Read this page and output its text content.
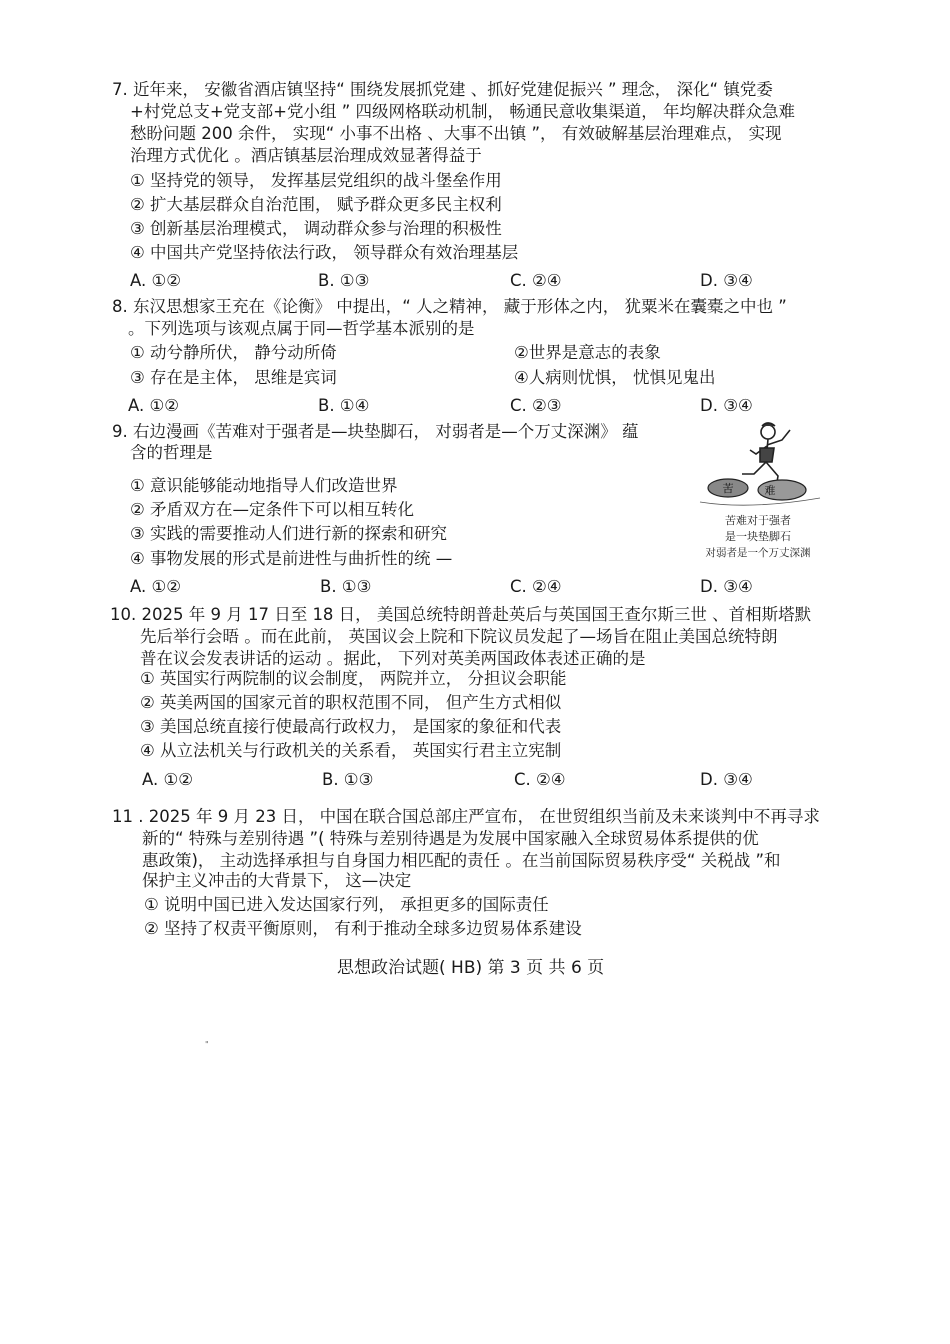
7. 近年来， 安徽省酒店镇坚持“ 围绕发展抓党建 、抓好党建促振兴 ” 理念， 深化“ 镇党委
+村党总支+党支部+党小组 ” 四级网格联动机制， 畅通民意收集渠道， 年均解决群众急难
愁盼问题 200 余件， 实现“ 小事不出格 、大事不出镇 ”， 有效破解基层治理难点， 实现
治理方式优化 。酒店镇基层治理成效显著得益于
① 坚持党的领导， 发挥基层党组织的战斗堡垒作用
② 扩大基层群众自治范围， 赋予群众更多民主权利
③ 创新基层治理模式， 调动群众参与治理的积极性
④ 中国共产党坚持依法行政， 领导群众有效治理基层
A. ①②	B. ①③	C. ②④	D. ③④
8. 东汉思想家王充在《论衡》 中提出，“ 人之精神， 藏于形体之内， 犹粟米在囊橐之中也 ”
。下列选项与该观点属于同—哲学基本派别的是
① 动兮静所伏， 静兮动所倚	②世界是意志的表象
③ 存在是主体， 思维是宾词	④人病则忧惧， 忧惧见鬼出
A. ①②	B. ①④	C. ②③	D. ③④
9. 右边漫画《苦难对于强者是—块垫脚石， 对弱者是—个万丈深渊》 蕴
含的哲理是
① 意识能够能动地指导人们改造世界
② 矛盾双方在—定条件下可以相互转化
③ 实践的需要推动人们进行新的探索和研究
④ 事物发展的形式是前进性与曲折性的统 —
A. ①②	B. ①③	C. ②④	D. ③④
苦	难
苦难对于强者
是一块垫脚石
对弱者是一个万丈深渊
10. 2025 年 9 月 17 日至 18 日， 美国总统特朗普赴英后与英国国王查尔斯三世 、首相斯塔默
先后举行会晤 。而在此前， 英国议会上院和下院议员发起了—场旨在阻止美国总统特朗
普在议会发表讲话的运动 。据此， 下列对英美两国政体表述正确的是
① 英国实行两院制的议会制度， 两院并立， 分担议会职能
② 英美两国的国家元首的职权范围不同， 但产生方式相似
③ 美国总统直接行使最高行政权力， 是国家的象征和代表
④ 从立法机关与行政机关的关系看， 英国实行君主立宪制
A. ①②	B. ①③	C. ②④	D. ③④
11 . 2025 年 9 月 23 日， 中国在联合国总部庄严宣布， 在世贸组织当前及未来谈判中不再寻求
新的“ 特殊与差别待遇 ”( 特殊与差别待遇是为发展中国家融入全球贸易体系提供的优
惠政策)， 主动选择承担与自身国力相匹配的责任 。在当前国际贸易秩序受“ 关税战 ”和
保护主义冲击的大背景下， 这—决定
① 说明中国已进入发达国家行列， 承担更多的国际责任
② 坚持了权责平衡原则， 有利于推动全球多边贸易体系建设
思想政治试题( HB) 第 3 页 共 6 页
"
